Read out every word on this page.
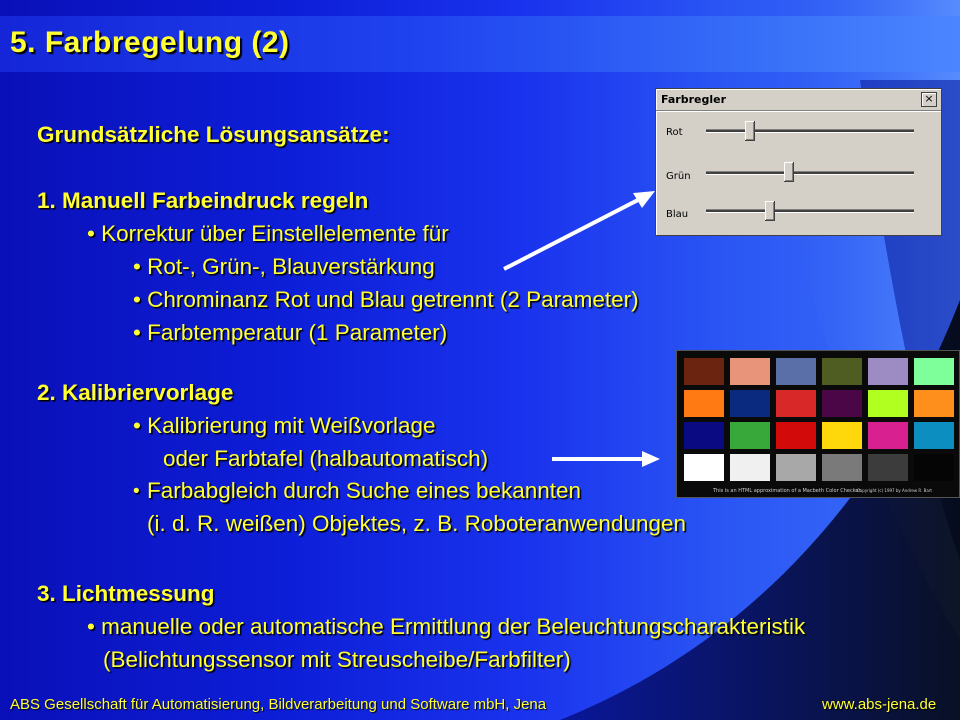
5. Farbregelung (2)
Grundsätzliche Lösungsansätze:
1. Manuell Farbeindruck regeln
• Korrektur über Einstellelemente für
• Rot-, Grün-, Blauverstärkung
• Chrominanz Rot und Blau getrennt (2 Parameter)
• Farbtemperatur (1 Parameter)
2. Kalibriervorlage
• Kalibrierung mit Weißvorlage
oder Farbtafel (halbautomatisch)
• Farbabgleich durch Suche eines bekannten
(i. d. R. weißen) Objektes, z. B. Roboteranwendungen
3. Lichtmessung
• manuelle oder automatische Ermittlung der Beleuchtungscharakteristik
(Belichtungssensor mit Streuscheibe/Farbfilter)
Farbregler	×
Rot
Grün
Blau
This is an HTML approximation of a Macbeth Color Checker.
Copyright (c) 1997 by Andrew R. Bart
ABS Gesellschaft für Automatisierung, Bildverarbeitung und Software mbH, Jena	www.abs-jena.de
